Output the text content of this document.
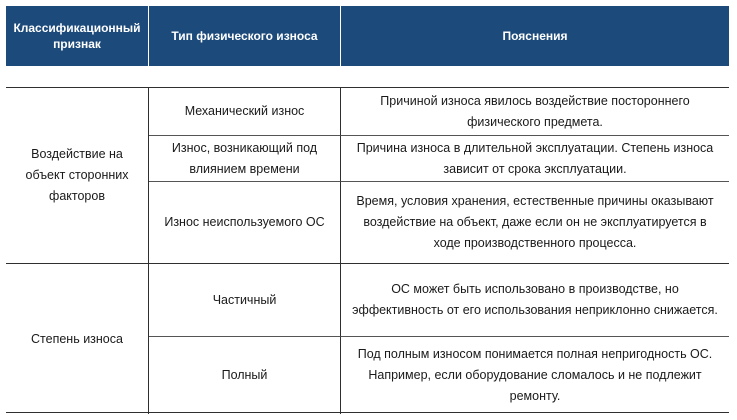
Классификационный признак
Тип физического износа	Пояснения
Воздействие на объект сторонних факторов
Механический износ
Причиной износа явилось воздействие постороннего физического предмета.
Износ, возникающий под влиянием времени
Причина износа в длительной эксплуатации. Степень износа зависит от срока эксплуатации.
Износ неиспользуемого ОС
Время, условия хранения, естественные причины оказывают воздействие на объект, даже если он не эксплуатируется в ходе производственного процесса.
Степень износа
Частичный
ОС может быть использовано в производстве, но эффективность от его использования неприклонно снижается.
Полный
Под полным износом понимается полная непригодность ОС. Например, если оборудование сломалось и не подлежит ремонту.
